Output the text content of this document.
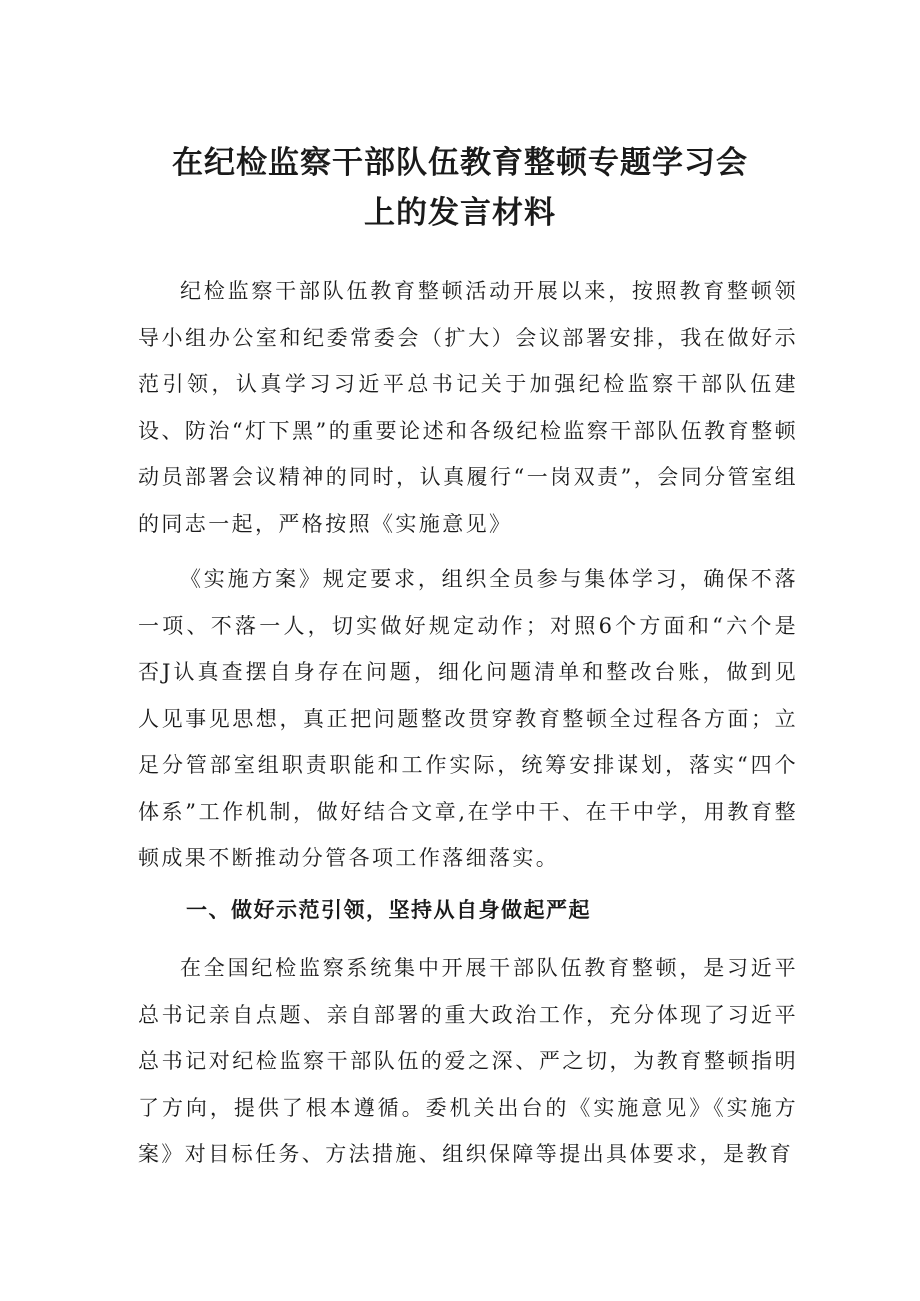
在纪检监察干部队伍教育整顿专题学习会
上的发言材料

纪检监察干部队伍教育整顿活动开展以来，按照教育整顿领导小组办公室和纪委常委会（扩大）会议部署安排，我在做好示范引领，认真学习习近平总书记关于加强纪检监察干部队伍建设、防治“灯下黑”的重要论述和各级纪检监察干部队伍教育整顿动员部署会议精神的同时，认真履行“一岗双责”，会同分管室组的同志一起，严格按照《实施意见》

《实施方案》规定要求，组织全员参与集体学习，确保不落一项、不落一人，切实做好规定动作；对照6个方面和“六个是否J认真查摆自身存在问题，细化问题清单和整改台账，做到见人见事见思想，真正把问题整改贯穿教育整顿全过程各方面；立足分管部室组职责职能和工作实际，统筹安排谋划，落实“四个体系”工作机制，做好结合文章,在学中干、在干中学，用教育整顿成果不断推动分管各项工作落细落实。

一、做好示范引领，坚持从自身做起严起

在全国纪检监察系统集中开展干部队伍教育整顿，是习近平总书记亲自点题、亲自部署的重大政治工作，充分体现了习近平总书记对纪检监察干部队伍的爱之深、严之切，为教育整顿指明了方向，提供了根本遵循。委机关出台的《实施意见》《实施方案》对目标任务、方法措施、组织保障等提出具体要求，是教育
